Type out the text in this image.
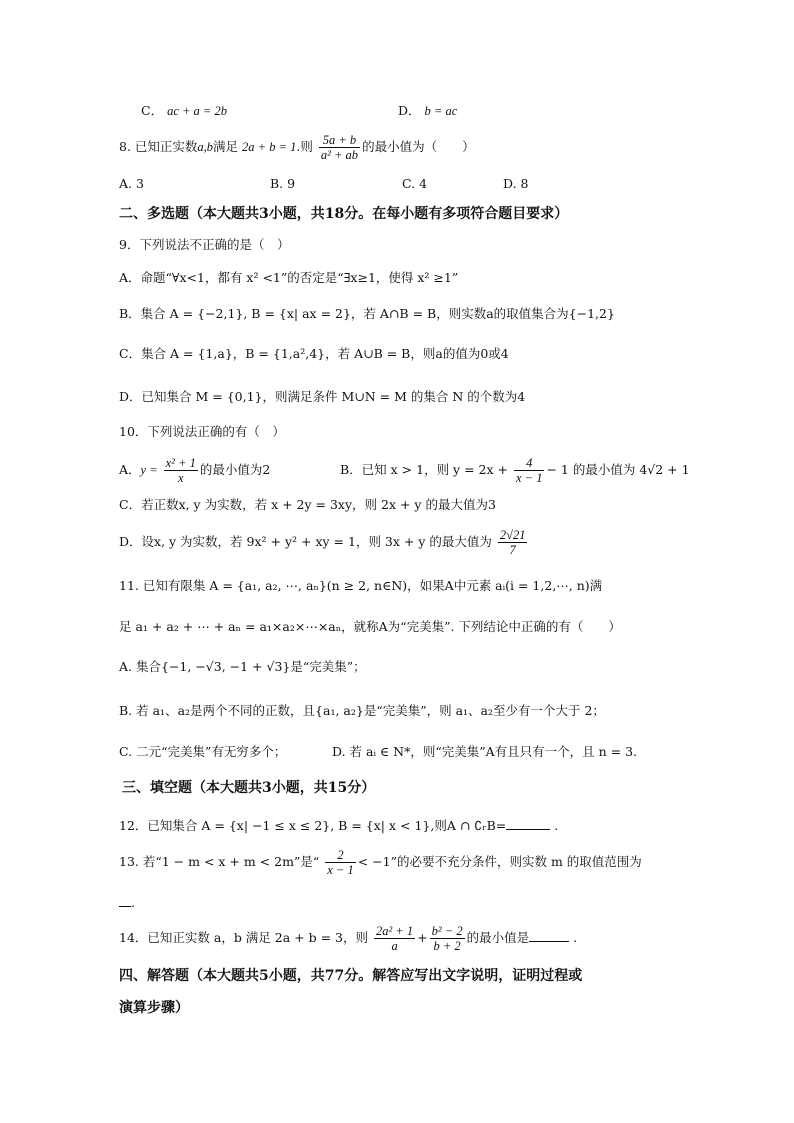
C． ac + a = 2b	D． b = ac
8. 已知正实数a,b满足 2a + b = 1.则 $\frac{5a + b}{\text{a² + ab}}$ 的最小值为（　　）
A. 3	B. 9	C. 4	D. 8
二、多选题（本大题共3小题，共18分。在每小题有多项符合题目要求）
9．下列说法不正确的是（　）
A．命题“∀x<1，都有 x² <1”的否定是“∃x≥1，使得 x² ≥1”
B．集合 A = {−2,1}, B = {x| ax = 2}，若 A∩B = B，则实数a的取值集合为{−1,2}
C．集合 A = {1,a}，B = {1,a²,4}，若 A∪B = B，则a的值为0或4
D．已知集合 M = {0,1}，则满足条件 M∪N = M 的集合 N 的个数为4
10．下列说法正确的有（　）
A．$y = \frac{\text{x² + 1}}{x}$ 的最小值为2	B．已知 x > 1，则 $y = 2x + \frac{4}{x - 1} - 1$ 的最小值为 4√2 + 1
C．若正数x, y 为实数，若 x + 2y = 3xy，则 2x + y 的最大值为3
D．设x, y 为实数，若 9x² + y² + xy = 1，则 3x + y 的最大值为 $\frac{2√21}{7}$
11. 已知有限集 A = {a₁, a₂, ⋯, aₙ}(n ≥ 2, n∈N)，如果A中元素 aᵢ(i = 1,2,⋯, n)满
足 a₁ + a₂ + ⋯ + aₙ = a₁×a₂×⋯×aₙ，就称A为“完美集”. 下列结论中正确的有（　　）
A. 集合{−1, −√3, −1 + √3}是“完美集”；
B. 若 a₁、a₂是两个不同的正数，且{a₁, a₂}是“完美集”，则 a₁、a₂至少有一个大于 2；
C. 二元“完美集”有无穷多个；	D. 若 aᵢ ∈ N*，则“完美集”A有且只有一个，且 n = 3.
三、填空题（本大题共3小题，共15分）
12．已知集合 A = {x| −1 ≤ x ≤ 2}, B = {x| x < 1},则A ∩ ∁ᵣB=	.
13. 若“1 − m < x + m < 2m”是“ $\frac{2}{x - 1} < -1$”的必要不充分条件，则实数 m 的取值范围为
.
14．已知正实数 a，b 满足 2a + b = 3，则 $\frac{\text{2a² + 1}}{a} + \frac{\text{b² − 2}}{b + 2}$ 的最小值是	.
四、解答题（本大题共5小题，共77分。解答应写出文字说明，证明过程或
演算步骤）
